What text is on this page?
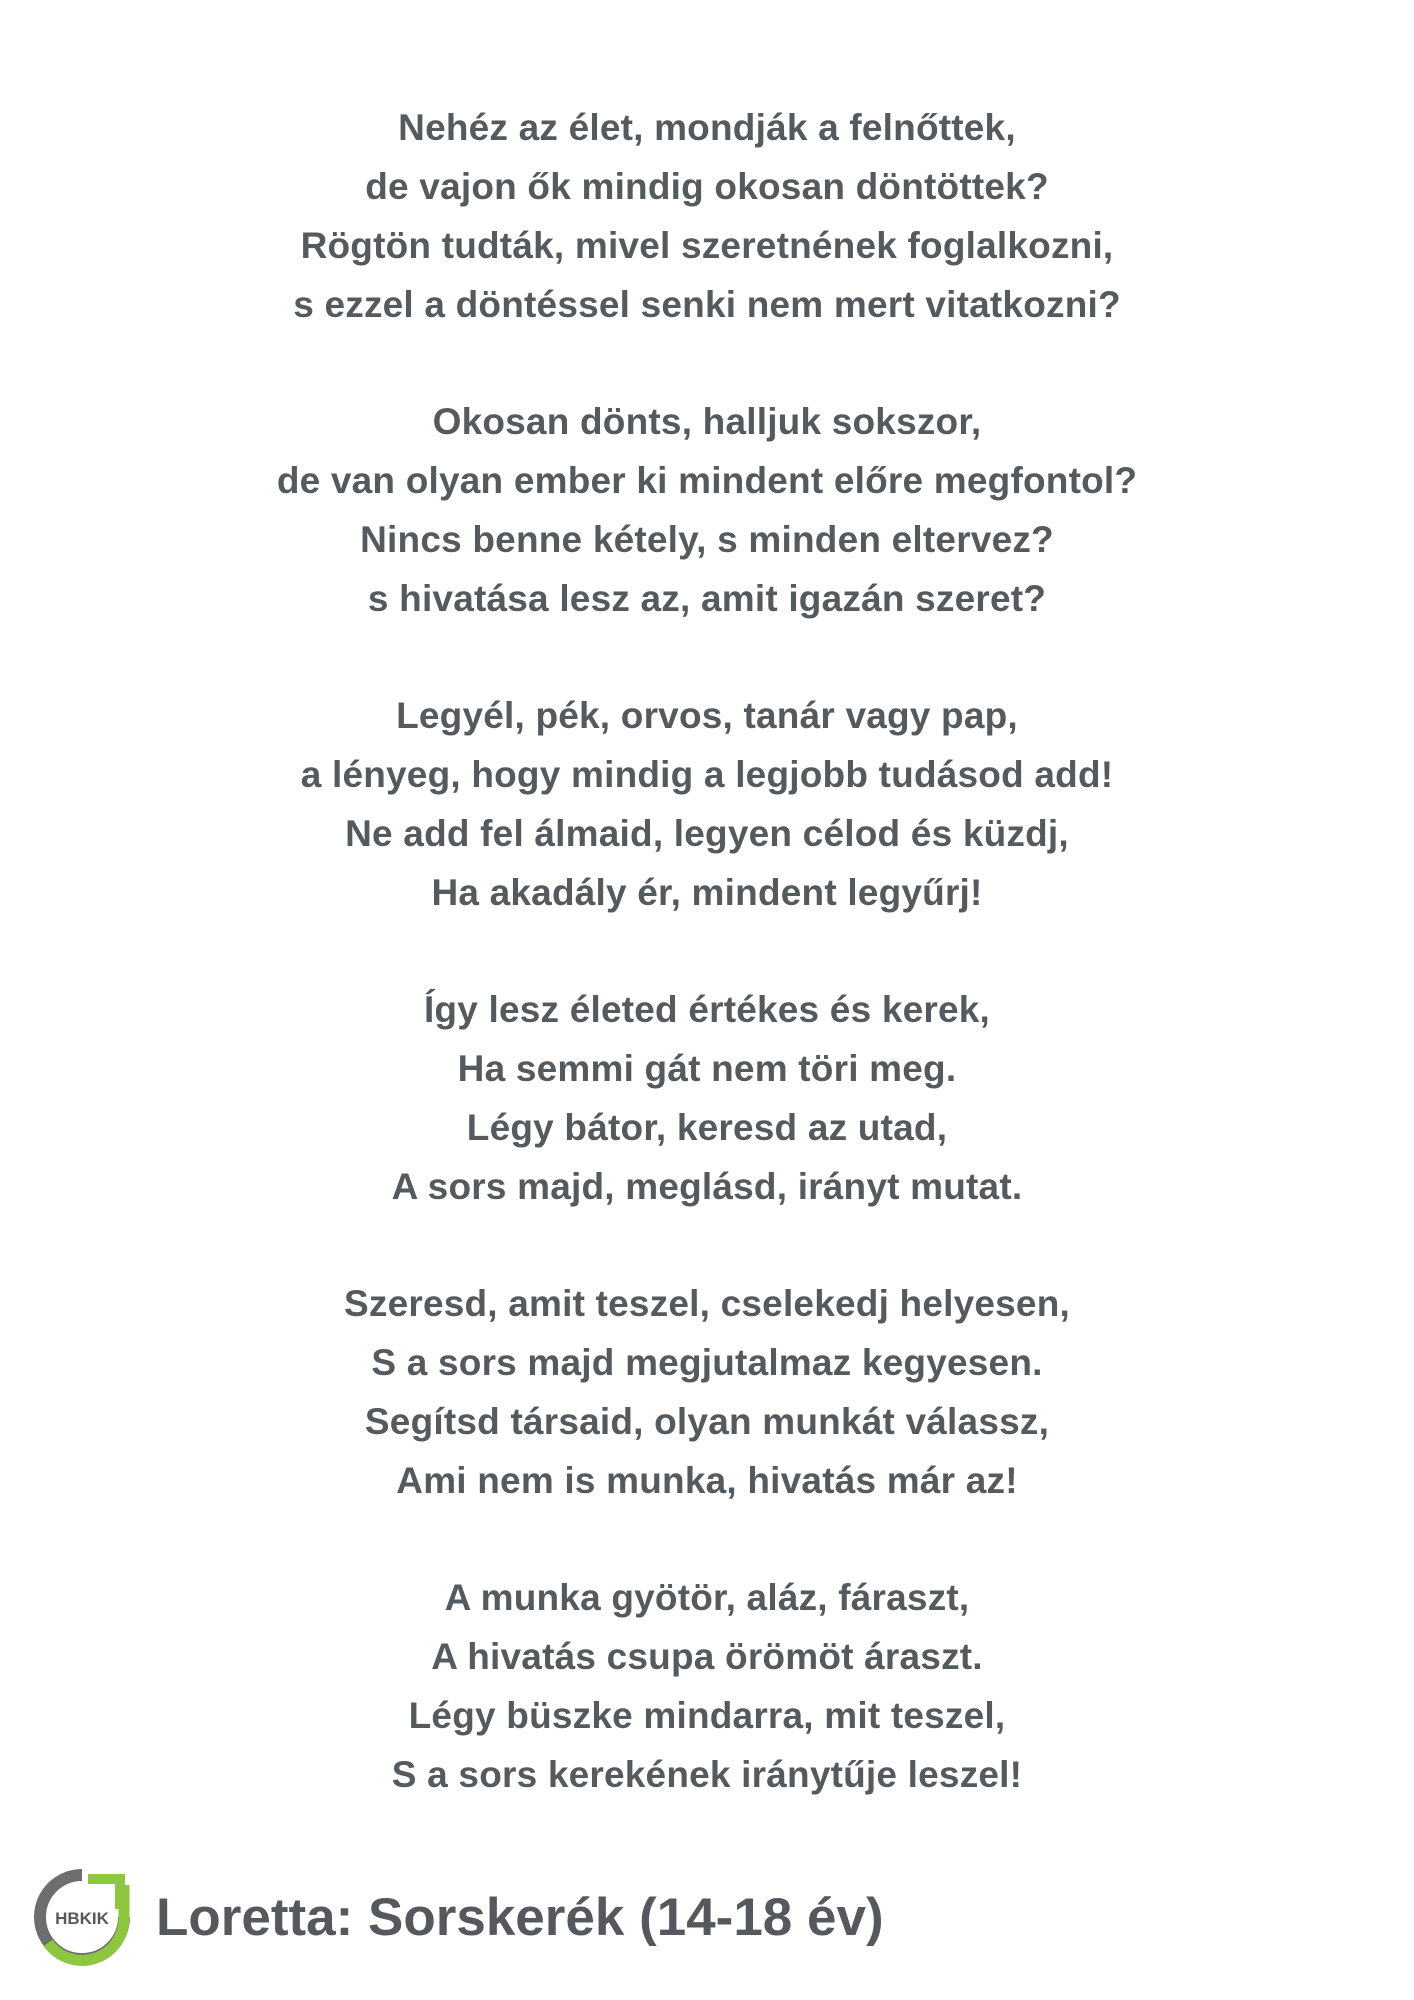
Nehéz az élet, mondják a felnőttek,
de vajon ők mindig okosan döntöttek?
Rögtön tudták, mivel szeretnének foglalkozni,
s ezzel a döntéssel senki nem mert vitatkozni?
Okosan dönts, halljuk sokszor,
de van olyan ember ki mindent előre megfontol?
Nincs benne kétely, s minden eltervez?
s hivatása lesz az, amit igazán szeret?
Legyél, pék, orvos, tanár vagy pap,
a lényeg, hogy mindig a legjobb tudásod add!
Ne add fel álmaid, legyen célod és küzdj,
Ha akadály ér, mindent legyűrj!
Így lesz életed értékes és kerek,
Ha semmi gát nem töri meg.
Légy bátor, keresd az utad,
A sors majd, meglásd, irányt mutat.
Szeresd, amit teszel, cselekedj helyesen,
S a sors majd megjutalmaz kegyesen.
Segítsd társaid, olyan munkát válassz,
Ami nem is munka, hivatás már az!
A munka gyötör, aláz, fáraszt,
A hivatás csupa örömöt áraszt.
Légy büszke mindarra, mit teszel,
S a sors kerekének iránytűje leszel!
HBKIK Loretta: Sorskerék (14-18 év)
